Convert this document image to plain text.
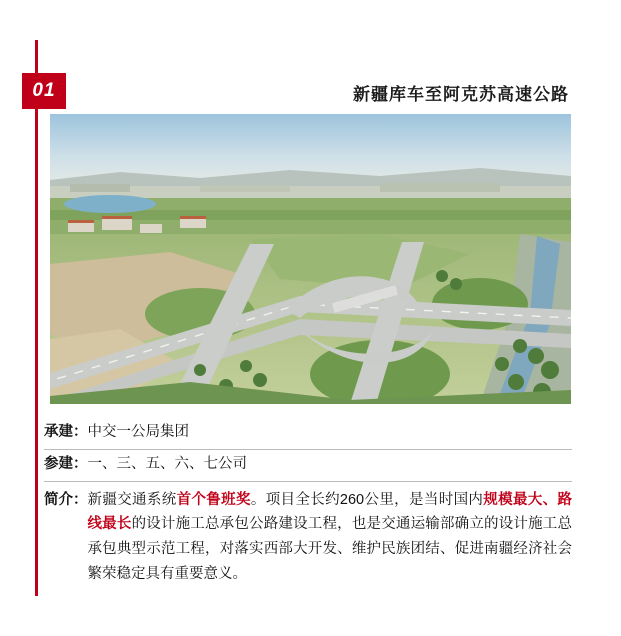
01	新疆库车至阿克苏高速公路
承建： 中交一公局集团
参建： 一、三、五、六、七公司
简介： 新疆交通系统首个鲁班奖。项目全长约260公里，是当时国内规模最大、路线最长的设计施工总承包公路建设工程，也是交通运输部确立的设计施工总承包典型示范工程，对落实西部大开发、维护民族团结、促进南疆经济社会繁荣稳定具有重要意义。
